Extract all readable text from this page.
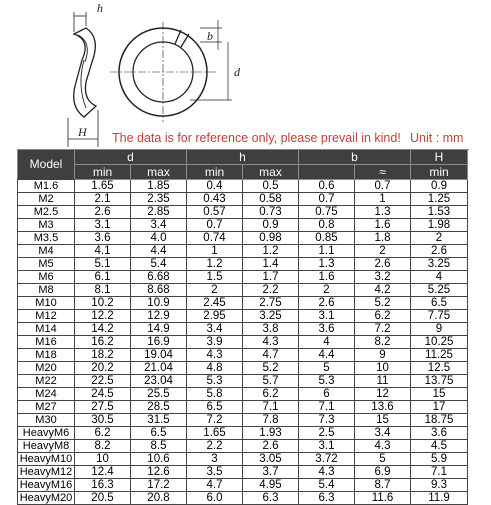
h
H
b
d
The data is for reference only, please prevail in kind! Unit : mm
Model	d		h		b		H	
	min	max	min	max		≈	min	max
M1.6	1.65	1.85	0.4	0.5	0.6	0.7	0.9	
M2	2.1	2.35	0.43	0.58	0.7	1	1.25	
M2.5	2.6	2.85	0.57	0.73	0.75	1.3	1.53	
M3	3.1	3.4	0.7	0.9	0.8	1.6	1.98	
M3.5	3.6	4.0	0.74	0.98	0.85	1.8	2	
M4	4.1	4.4	1	1.2	1.1	2	2.6	
M5	5.1	5.4	1.2	1.4	1.3	2.6	3.25	
M6	6.1	6.68	1.5	1.7	1.6	3.2	4	
M8	8.1	8.68	2	2.2	2	4.2	5.25	
M10	10.2	10.9	2.45	2.75	2.6	5.2	6.5	
M12	12.2	12.9	2.95	3.25	3.1	6.2	7.75	
M14	14.2	14.9	3.4	3.8	3.6	7.2	9	
M16	16.2	16.9	3.9	4.3	4	8.2	10.25	
M18	18.2	19.04	4.3	4.7	4.4	9	11.25	
M20	20.2	21.04	4.8	5.2	5	10	12.5	
M22	22.5	23.04	5.3	5.7	5.3	11	13.75	
M24	24.5	25.5	5.8	6.2	6	12	15	
M27	27.5	28.5	6.5	7.1	7.1	13.6	17	
M30	30.5	31.5	7.2	7.8	7.3	15	18.75	
HeavyM6	6.2	6.5	1.65	1.93	2.5	3.4	3.6	
HeavyM8	8.2	8.5	2.2	2.6	3.1	4.3	4.5	
HeavyM10	10	10.6	3	3.05	3.72	5	5.9	
HeavyM12	12.4	12.6	3.5	3.7	4.3	6.9	7.1	
HeavyM16	16.3	17.2	4.7	4.95	5.4	8.7	9.3	
HeavyM20	20.5	20.8	6.0	6.3	6.3	11.6	11.9	
